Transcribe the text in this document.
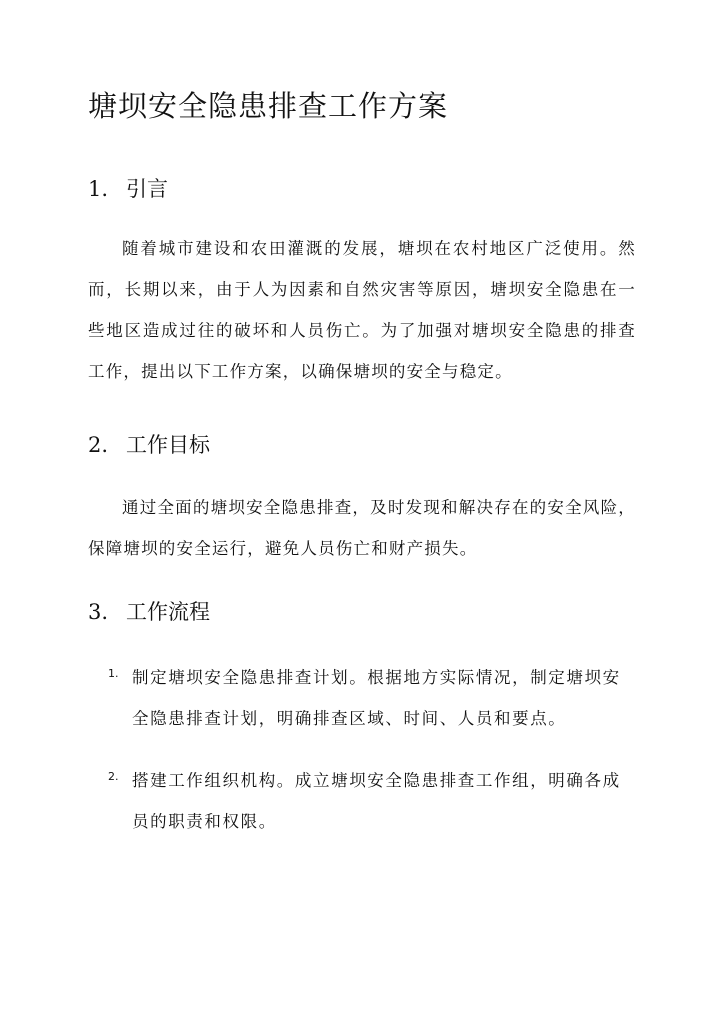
塘坝安全隐患排查工作方案
1. 引言

随着城市建设和农田灌溉的发展，塘坝在农村地区广泛使用。然而，长期以来，由于人为因素和自然灾害等原因，塘坝安全隐患在一些地区造成过往的破坏和人员伤亡。为了加强对塘坝安全隐患的排查工作，提出以下工作方案，以确保塘坝的安全与稳定。

2. 工作目标

通过全面的塘坝安全隐患排查，及时发现和解决存在的安全风险，保障塘坝的安全运行，避免人员伤亡和财产损失。

3. 工作流程
1. 制定塘坝安全隐患排查计划。根据地方实际情况，制定塘坝安全隐患排查计划，明确排查区域、时间、人员和要点。
2. 搭建工作组织机构。成立塘坝安全隐患排查工作组，明确各成员的职责和权限。
